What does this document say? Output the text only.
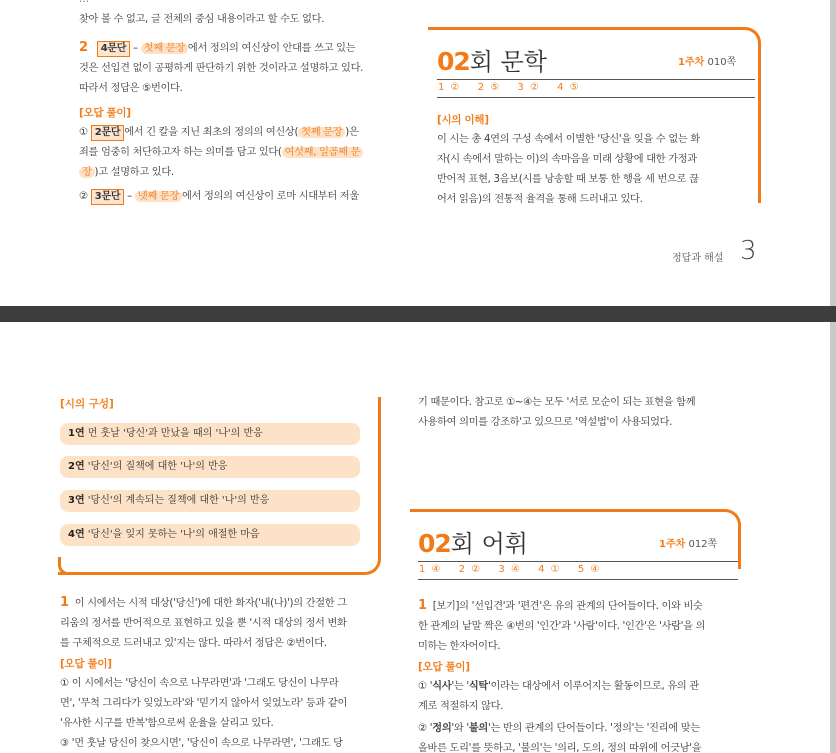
찾아 볼 수 없고, 글 전체의 중심 내용이라고 할 수도 없다.
2 4문단 – 첫째 문장 에서 정의의 여신상이 안대를 쓰고 있는
것은 선입견 없이 공평하게 판단하기 위한 것이라고 설명하고 있다.
따라서 정답은 ⑤번이다.
[오답 풀이]
① 2문단 에서 긴 칼을 지닌 최초의 정의의 여신상( 첫째 문장 )은
죄를 엄중히 처단하고자 하는 의미를 담고 있다( 여섯째, 일곱째 문
장 )고 설명하고 있다.
② 3문단 – 넷째 문장 에서 정의의 여신상이 로마 시대부터 저울
02회 문학	1주차 010쪽
1 ② 2 ⑤ 3 ② 4 ⑤
[시의 이해]
이 시는 총 4연의 구성 속에서 이별한 '당신'을 잊을 수 없는 화
자(시 속에서 말하는 이)의 속마음을 미래 상황에 대한 가정과
반어적 표현, 3음보(시를 낭송할 때 보통 한 행을 세 번으로 끊
어서 읽음)의 전통적 율격을 통해 드러내고 있다.
정답과 해설 3
[시의 구성]
1연 먼 훗날 '당신'과 만났을 때의 '나'의 반응
2연 '당신'의 질책에 대한 '나'의 반응
3연 '당신'의 계속되는 질책에 대한 '나'의 반응
4연 '당신'을 잊지 못하는 '나'의 애절한 마음
1 이 시에서는 시적 대상('당신')에 대한 화자('내(나)')의 간절한 그
리움의 정서를 반어적으로 표현하고 있을 뿐 '시적 대상의 정서 변화
를 구체적으로 드러내고 있'지는 않다. 따라서 정답은 ②번이다.
[오답 풀이]
① 이 시에서는 '당신이 속으로 나무라면'과 '그래도 당신이 나무라
면', '무척 그리다가 잊었노라'와 '믿기지 않아서 잊었노라' 등과 같이
'유사한 시구를 반복'함으로써 운율을 살리고 있다.
③ '먼 훗날 당신이 찾으시면', '당신이 속으로 나무라면', '그래도 당
기 때문이다. 참고로 ①~④는 모두 '서로 모순이 되는 표현을 함께
사용하여 의미를 강조하'고 있으므로 '역설법'이 사용되었다.
02회 어휘	1주차 012쪽
1 ④ 2 ② 3 ④ 4 ① 5 ④
1 [보기]의 '선입견'과 '편견'은 유의 관계의 단어들이다. 이와 비슷
한 관계의 낱말 짝은 ④번의 '인간'과 '사람'이다. '인간'은 '사람'을 의
미하는 한자어이다.
[오답 풀이]
① '식사'는 '식탁'이라는 대상에서 이루어지는 활동이므로, 유의 관
계로 적절하지 않다.
② '정의'와 '불의'는 반의 관계의 단어들이다. '정의'는 '진리에 맞는
올바른 도리'를 뜻하고, '불의'는 '의리, 도의, 정의 따위에 어긋남'을
